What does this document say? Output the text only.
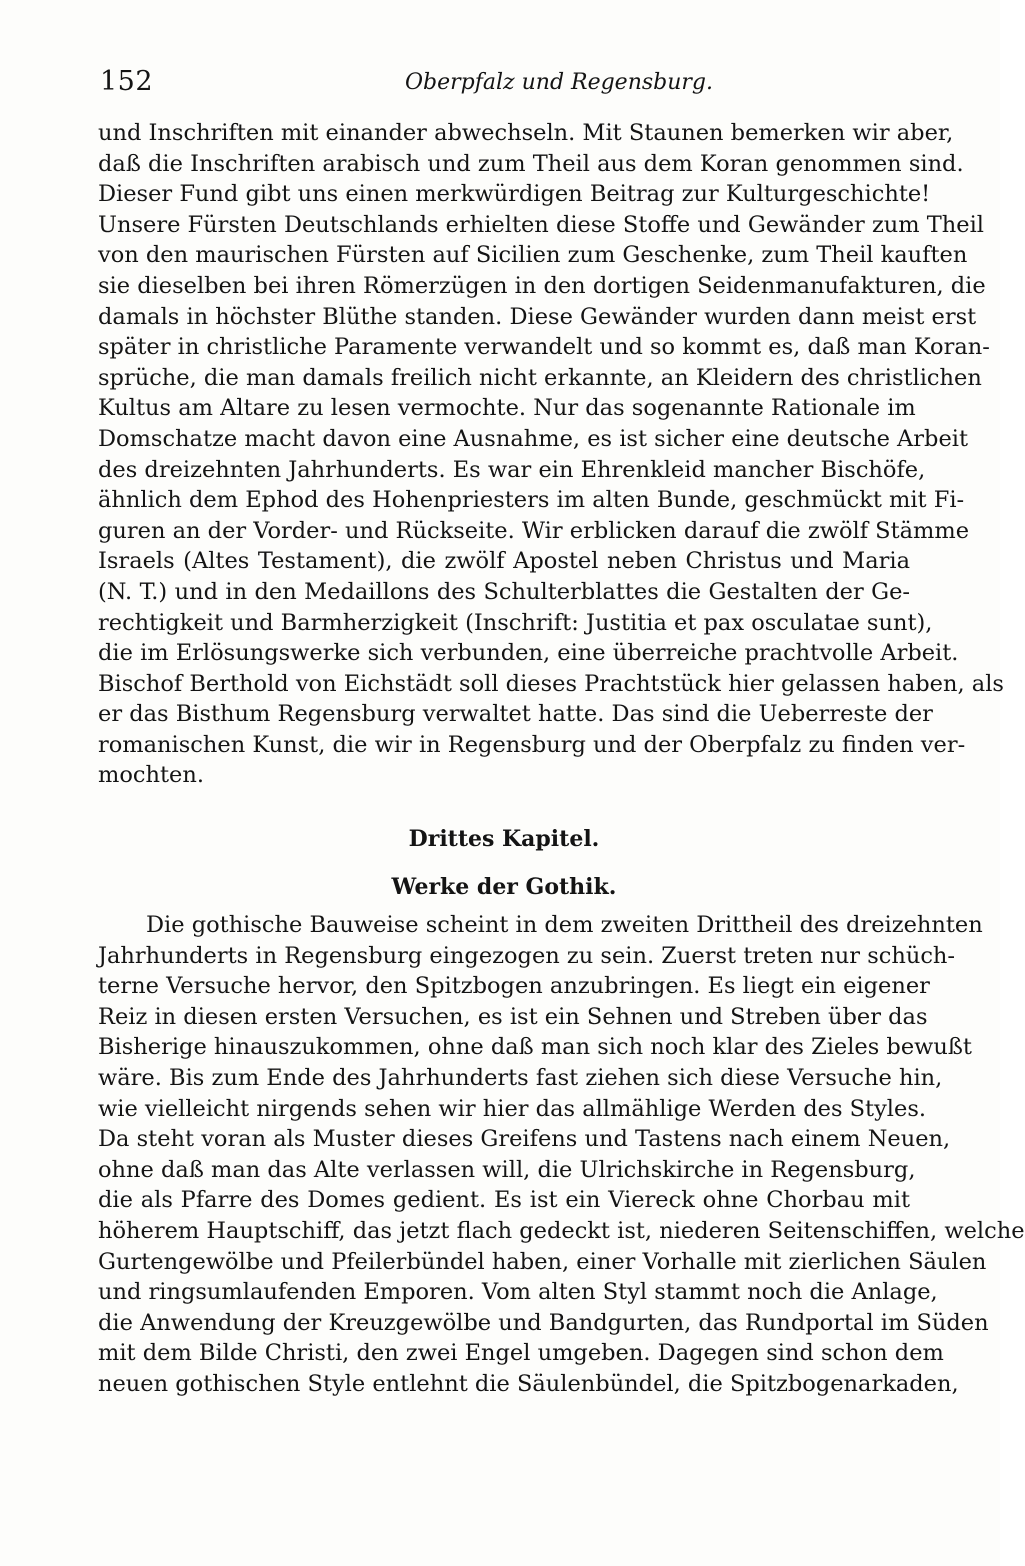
152	Oberpfalz und Regensburg.
und Inschriften mit einander abwechseln. Mit Staunen bemerken wir aber,
daß die Inschriften arabisch und zum Theil aus dem Koran genommen sind.
Dieser Fund gibt uns einen merkwürdigen Beitrag zur Kulturgeschichte!
Unsere Fürsten Deutschlands erhielten diese Stoffe und Gewänder zum Theil
von den maurischen Fürsten auf Sicilien zum Geschenke, zum Theil kauften
sie dieselben bei ihren Römerzügen in den dortigen Seidenmanufakturen, die
damals in höchster Blüthe standen. Diese Gewänder wurden dann meist erst
später in christliche Paramente verwandelt und so kommt es, daß man Koran-
sprüche, die man damals freilich nicht erkannte, an Kleidern des christlichen
Kultus am Altare zu lesen vermochte. Nur das sogenannte Rationale im
Domschatze macht davon eine Ausnahme, es ist sicher eine deutsche Arbeit
des dreizehnten Jahrhunderts. Es war ein Ehrenkleid mancher Bischöfe,
ähnlich dem Ephod des Hohenpriesters im alten Bunde, geschmückt mit Fi-
guren an der Vorder- und Rückseite. Wir erblicken darauf die zwölf Stämme
Israels (Altes Testament), die zwölf Apostel neben Christus und Maria
(N. T.) und in den Medaillons des Schulterblattes die Gestalten der Ge-
rechtigkeit und Barmherzigkeit (Inschrift: Justitia et pax osculatae sunt),
die im Erlösungswerke sich verbunden, eine überreiche prachtvolle Arbeit.
Bischof Berthold von Eichstädt soll dieses Prachtstück hier gelassen haben, als
er das Bisthum Regensburg verwaltet hatte. Das sind die Ueberreste der
romanischen Kunst, die wir in Regensburg und der Oberpfalz zu finden ver-
mochten.
Drittes Kapitel.
Werke der Gothik.
Die gothische Bauweise scheint in dem zweiten Drittheil des dreizehnten
Jahrhunderts in Regensburg eingezogen zu sein. Zuerst treten nur schüch-
terne Versuche hervor, den Spitzbogen anzubringen. Es liegt ein eigener
Reiz in diesen ersten Versuchen, es ist ein Sehnen und Streben über das
Bisherige hinauszukommen, ohne daß man sich noch klar des Zieles bewußt
wäre. Bis zum Ende des Jahrhunderts fast ziehen sich diese Versuche hin,
wie vielleicht nirgends sehen wir hier das allmählige Werden des Styles.
Da steht voran als Muster dieses Greifens und Tastens nach einem Neuen,
ohne daß man das Alte verlassen will, die Ulrichskirche in Regensburg,
die als Pfarre des Domes gedient. Es ist ein Viereck ohne Chorbau mit
höherem Hauptschiff, das jetzt flach gedeckt ist, niederen Seitenschiffen, welche
Gurtengewölbe und Pfeilerbündel haben, einer Vorhalle mit zierlichen Säulen
und ringsumlaufenden Emporen. Vom alten Styl stammt noch die Anlage,
die Anwendung der Kreuzgewölbe und Bandgurten, das Rundportal im Süden
mit dem Bilde Christi, den zwei Engel umgeben. Dagegen sind schon dem
neuen gothischen Style entlehnt die Säulenbündel, die Spitzbogenarkaden,
